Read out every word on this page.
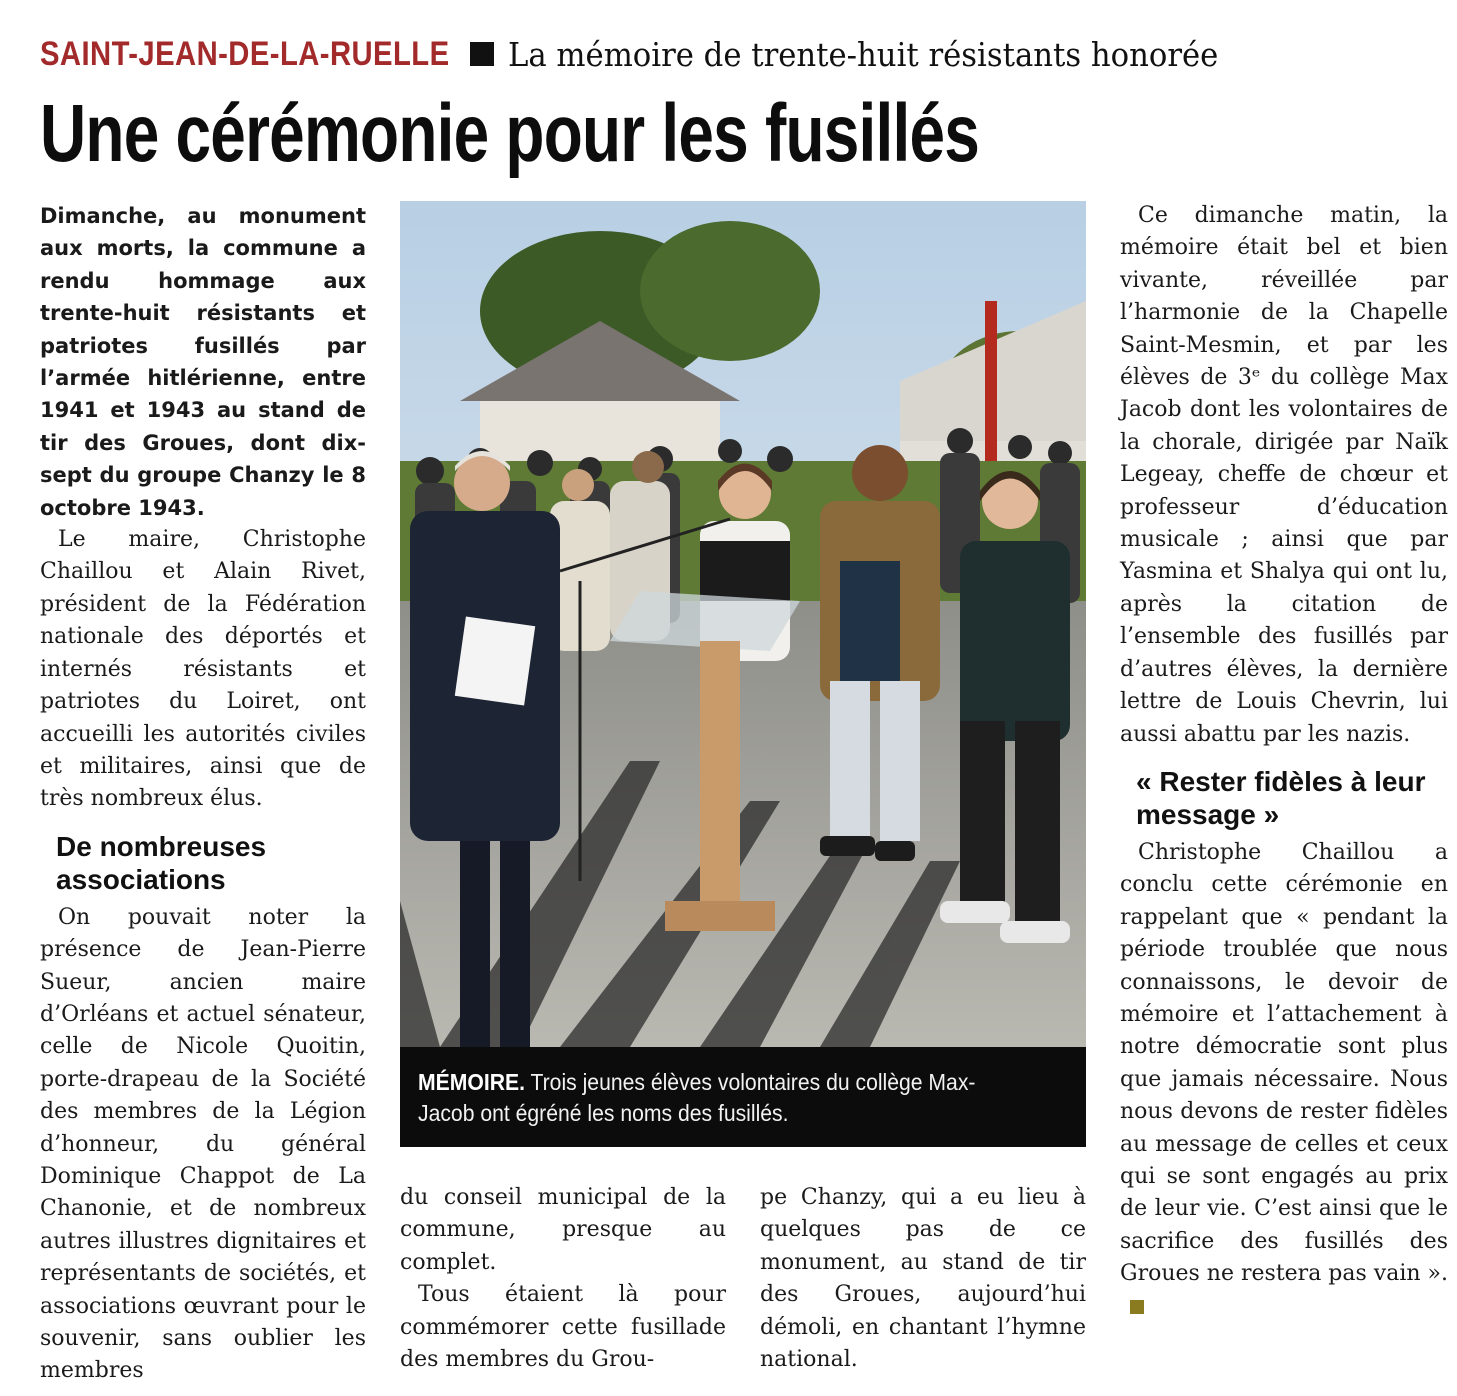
SAINT-JEAN-DE-LA-RUELLE La mémoire de trente-huit résistants honorée
Une cérémonie pour les fusillés

Dimanche, au monument aux morts, la commune a rendu hommage aux trente-huit résistants et patriotes fusillés par l’armée hitlérienne, entre 1941 et 1943 au stand de tir des Groues, dont dix-sept du groupe Chanzy le 8 octobre 1943.

Le maire, Christophe Chaillou et Alain Rivet, président de la Fédération nationale des déportés et internés résistants et patriotes du Loiret, ont accueilli les autorités civiles et militaires, ainsi que de très nombreux élus.

De nombreuses associations

On pouvait noter la présence de Jean-Pierre Sueur, ancien maire d’Orléans et actuel sénateur, celle de Nicole Quoitin, porte-drapeau de la Société des membres de la Légion d’honneur, du général Dominique Chappot de La Chanonie, et de nombreux autres illustres dignitaires et représentants de sociétés, et associations œuvrant pour le souvenir, sans oublier les membres

MÉMOIRE. Trois jeunes élèves volontaires du collège Max-Jacob ont égréné les noms des fusillés.

du conseil municipal de la commune, presque au complet.

Tous étaient là pour commémorer cette fusillade des membres du Grou-

pe Chanzy, qui a eu lieu à quelques pas de ce monument, au stand de tir des Groues, aujourd’hui démoli, en chantant l’hymne national.

Ce dimanche matin, la mémoire était bel et bien vivante, réveillée par l’harmonie de la Chapelle Saint-Mesmin, et par les élèves de 3ᵉ du collège Max Jacob dont les volontaires de la chorale, dirigée par Naïk Legeay, cheffe de chœur et professeur d’éducation musicale ; ainsi que par Yasmina et Shalya qui ont lu, après la citation de l’ensemble des fusillés par d’autres élèves, la dernière lettre de Louis Chevrin, lui aussi abattu par les nazis.

« Rester fidèles à leur message »

Christophe Chaillou a conclu cette cérémonie en rappelant que « pendant la période troublée que nous connaissons, le devoir de mémoire et l’attachement à notre démocratie sont plus que jamais nécessaire. Nous nous devons de rester fidèles au message de celles et ceux qui se sont engagés au prix de leur vie. C’est ainsi que le sacrifice des fusillés des Groues ne restera pas vain ».
